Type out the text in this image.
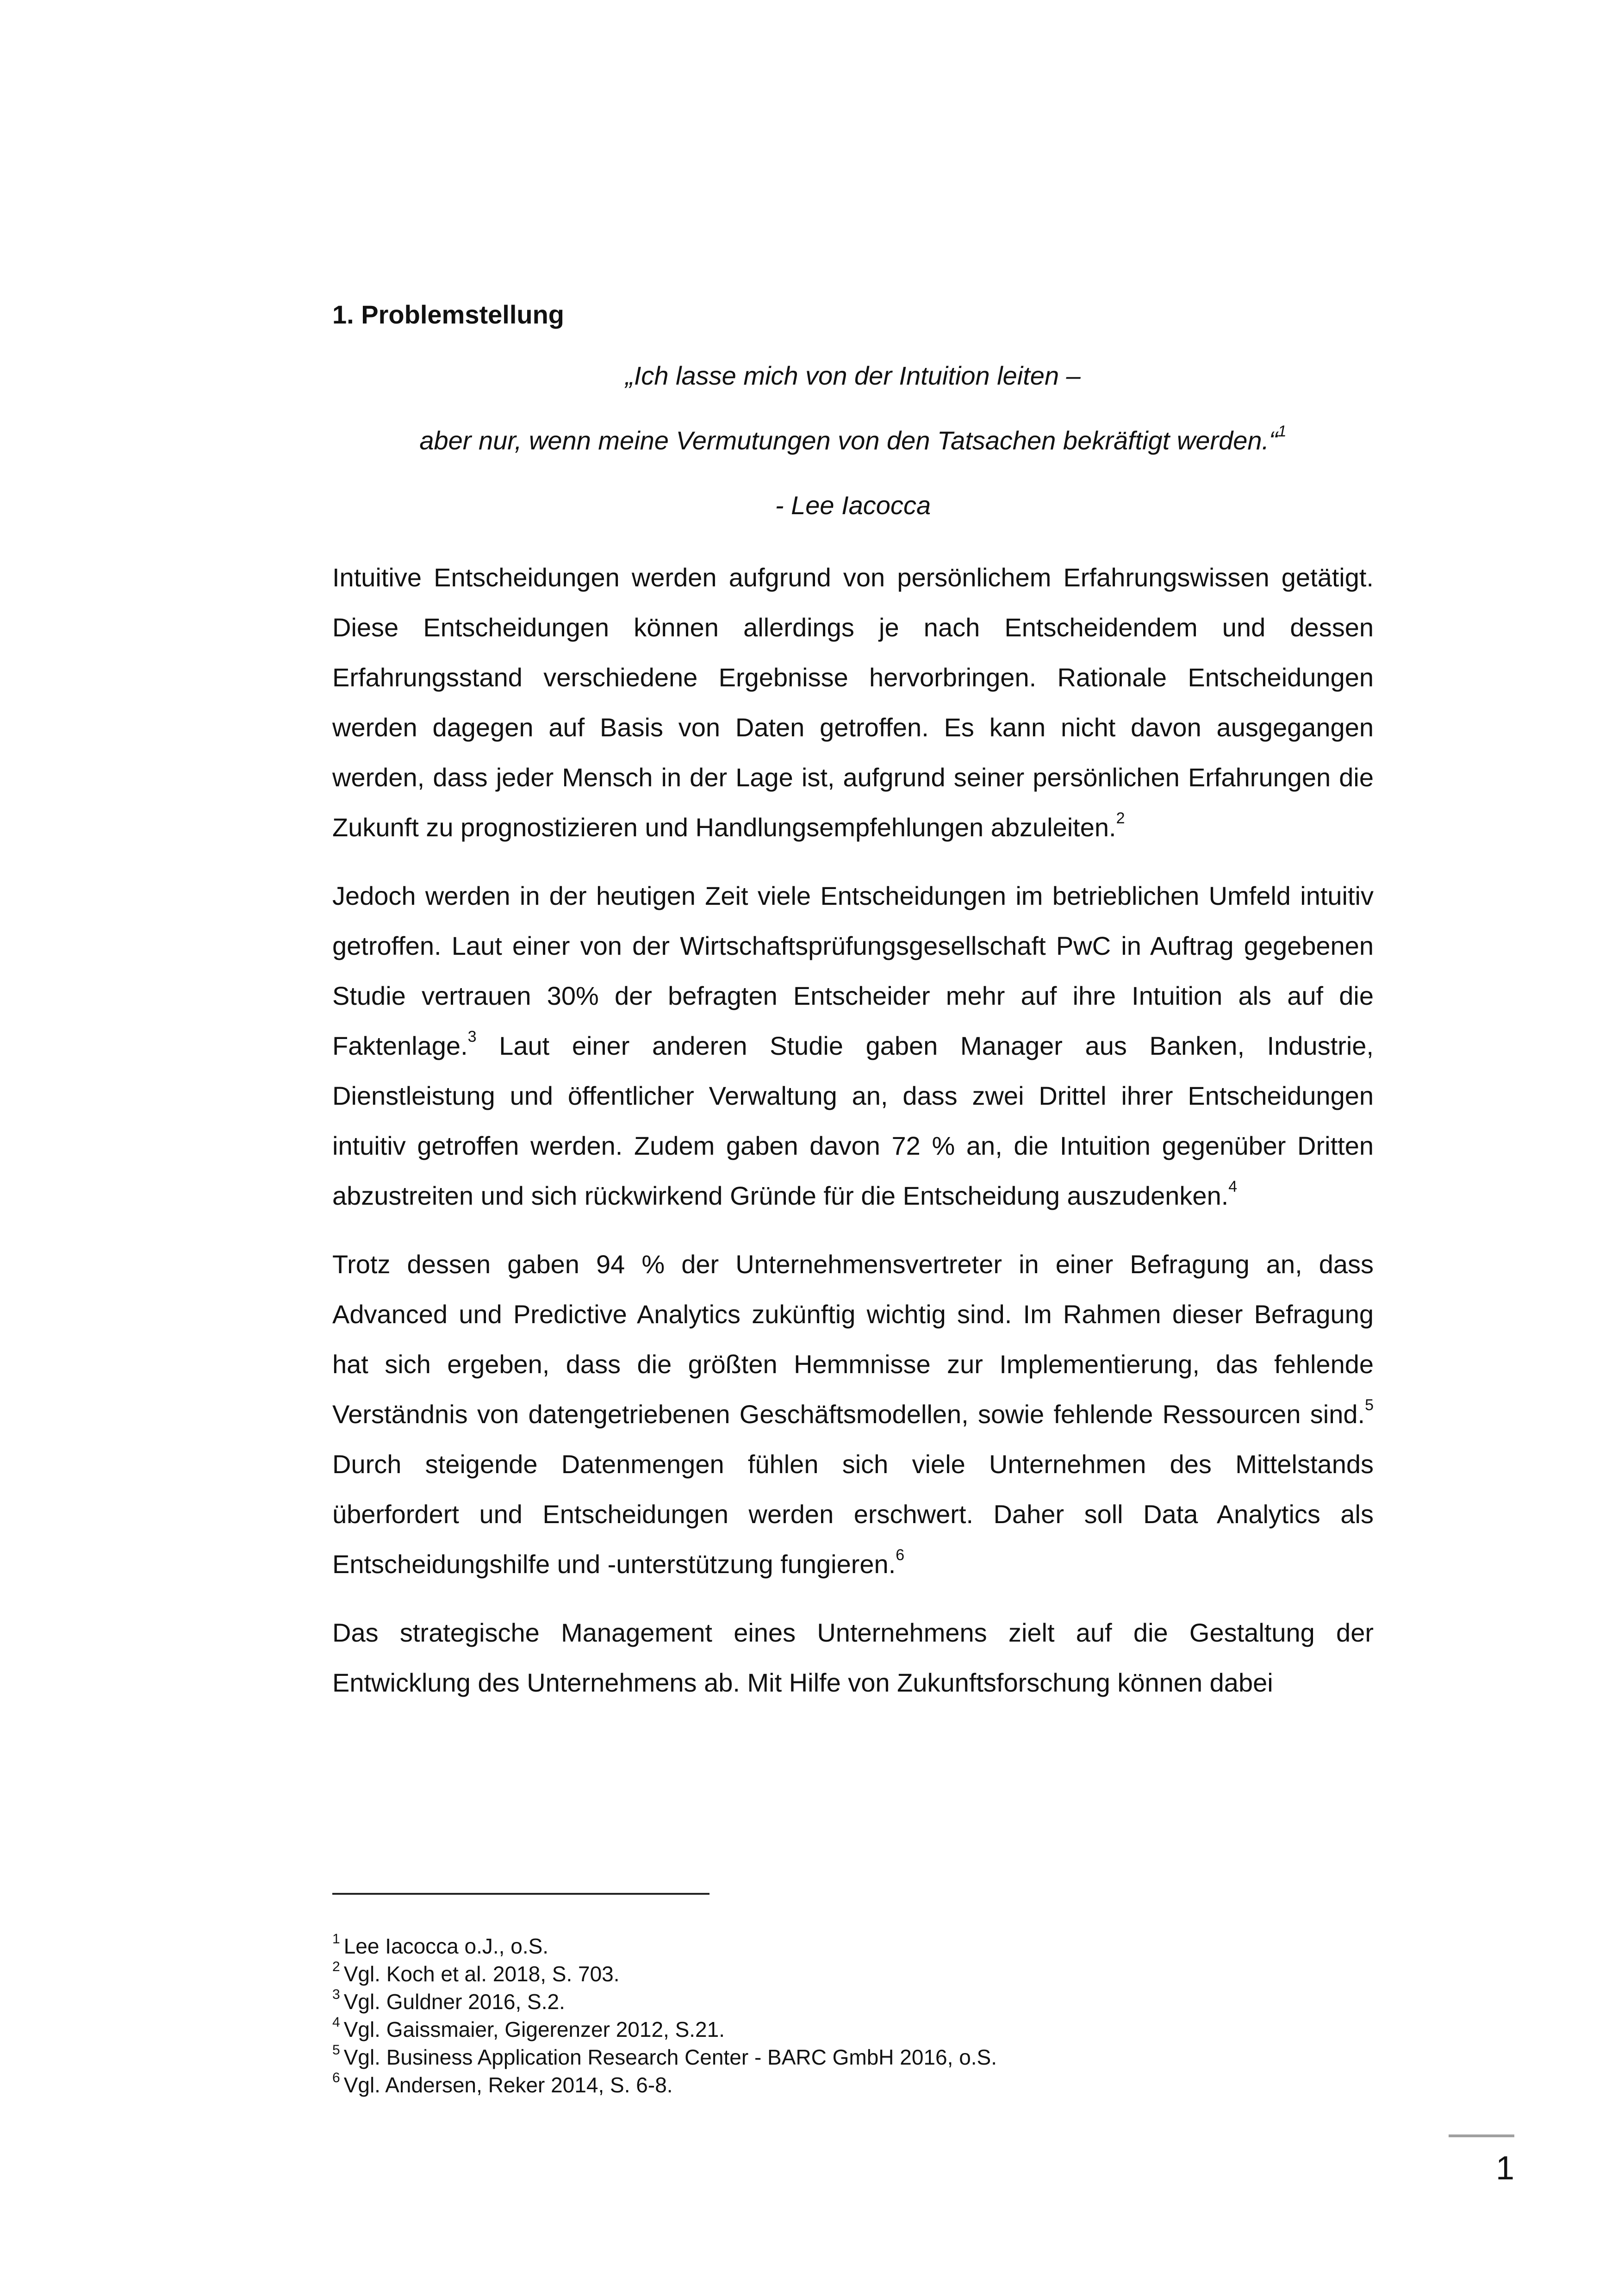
1. Problemstellung

„Ich lasse mich von der Intuition leiten –

aber nur, wenn meine Vermutungen von den Tatsachen bekräftigt werden.“$^1$

- Lee Iacocca

Intuitive Entscheidungen werden aufgrund von persönlichem Erfahrungswissen getätigt. Diese Entscheidungen können allerdings je nach Entscheidendem und dessen Erfahrungsstand verschiedene Ergebnisse hervorbringen. Rationale Entscheidungen werden dagegen auf Basis von Daten getroffen. Es kann nicht davon ausgegangen werden, dass jeder Mensch in der Lage ist, aufgrund seiner persönlichen Erfahrungen die Zukunft zu prognostizieren und Handlungsempfehlungen abzuleiten.$^2$

Jedoch werden in der heutigen Zeit viele Entscheidungen im betrieblichen Umfeld intuitiv getroffen. Laut einer von der Wirtschaftsprüfungsgesellschaft PwC in Auftrag gegebenen Studie vertrauen 30% der befragten Entscheider mehr auf ihre Intuition als auf die Faktenlage.$^3$ Laut einer anderen Studie gaben Manager aus Banken, Industrie, Dienstleistung und öffentlicher Verwaltung an, dass zwei Drittel ihrer Entscheidungen intuitiv getroffen werden. Zudem gaben davon 72 % an, die Intuition gegenüber Dritten abzustreiten und sich rückwirkend Gründe für die Entscheidung auszudenken.$^4$

Trotz dessen gaben 94 % der Unternehmensvertreter in einer Befragung an, dass Advanced und Predictive Analytics zukünftig wichtig sind. Im Rahmen dieser Befragung hat sich ergeben, dass die größten Hemmnisse zur Implementierung, das fehlende Verständnis von datengetriebenen Geschäftsmodellen, sowie fehlende Ressourcen sind.$^5$ Durch steigende Datenmengen fühlen sich viele Unternehmen des Mittelstands überfordert und Entscheidungen werden erschwert. Daher soll Data Analytics als Entscheidungshilfe und -unterstützung fungieren.$^6$

Das strategische Management eines Unternehmens zielt auf die Gestaltung der Entwicklung des Unternehmens ab. Mit Hilfe von Zukunftsforschung können dabei

$^1$ Lee Iacocca o.J., o.S.

$^2$ Vgl. Koch et al. 2018, S. 703.

$^3$ Vgl. Guldner 2016, S.2.

$^4$ Vgl. Gaissmaier, Gigerenzer 2012, S.21.

$^5$ Vgl. Business Application Research Center - BARC GmbH 2016, o.S.

$^6$ Vgl. Andersen, Reker 2014, S. 6-8.

1
